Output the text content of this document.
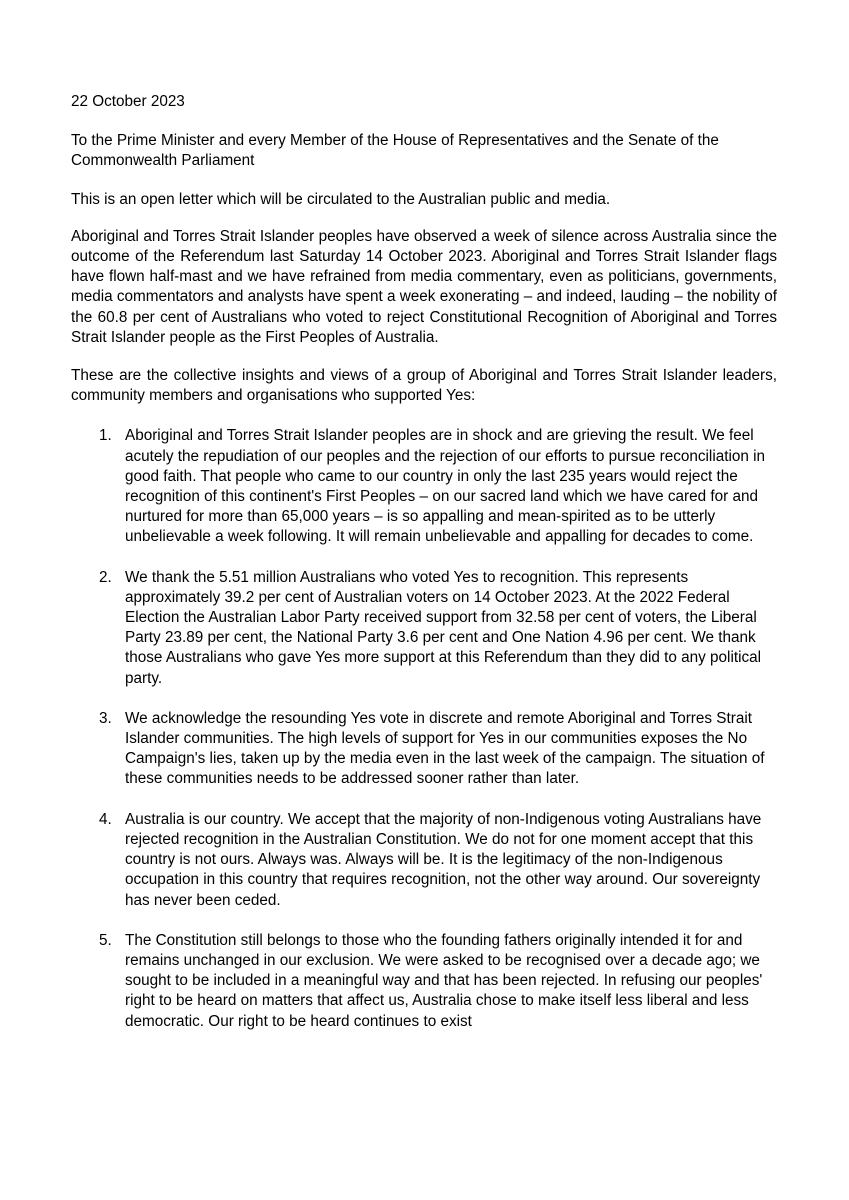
22 October 2023

To the Prime Minister and every Member of the House of Representatives and the Senate of the Commonwealth Parliament

This is an open letter which will be circulated to the Australian public and media.

Aboriginal and Torres Strait Islander peoples have observed a week of silence across Australia since the outcome of the Referendum last Saturday 14 October 2023. Aboriginal and Torres Strait Islander flags have flown half-mast and we have refrained from media commentary, even as politicians, governments, media commentators and analysts have spent a week exonerating – and indeed, lauding – the nobility of the 60.8 per cent of Australians who voted to reject Constitutional Recognition of Aboriginal and Torres Strait Islander people as the First Peoples of Australia.

These are the collective insights and views of a group of Aboriginal and Torres Strait Islander leaders, community members and organisations who supported Yes:

1. Aboriginal and Torres Strait Islander peoples are in shock and are grieving the result. We feel acutely the repudiation of our peoples and the rejection of our efforts to pursue reconciliation in good faith. That people who came to our country in only the last 235 years would reject the recognition of this continent's First Peoples – on our sacred land which we have cared for and nurtured for more than 65,000 years – is so appalling and mean-spirited as to be utterly unbelievable a week following. It will remain unbelievable and appalling for decades to come.
2. We thank the 5.51 million Australians who voted Yes to recognition. This represents approximately 39.2 per cent of Australian voters on 14 October 2023. At the 2022 Federal Election the Australian Labor Party received support from 32.58 per cent of voters, the Liberal Party 23.89 per cent, the National Party 3.6 per cent and One Nation 4.96 per cent. We thank those Australians who gave Yes more support at this Referendum than they did to any political party.
3. We acknowledge the resounding Yes vote in discrete and remote Aboriginal and Torres Strait Islander communities. The high levels of support for Yes in our communities exposes the No Campaign's lies, taken up by the media even in the last week of the campaign. The situation of these communities needs to be addressed sooner rather than later.
4. Australia is our country. We accept that the majority of non-Indigenous voting Australians have rejected recognition in the Australian Constitution. We do not for one moment accept that this country is not ours. Always was. Always will be. It is the legitimacy of the non-Indigenous occupation in this country that requires recognition, not the other way around. Our sovereignty has never been ceded.
5. The Constitution still belongs to those who the founding fathers originally intended it for and remains unchanged in our exclusion. We were asked to be recognised over a decade ago; we sought to be included in a meaningful way and that has been rejected. In refusing our peoples' right to be heard on matters that affect us, Australia chose to make itself less liberal and less democratic. Our right to be heard continues to exist
